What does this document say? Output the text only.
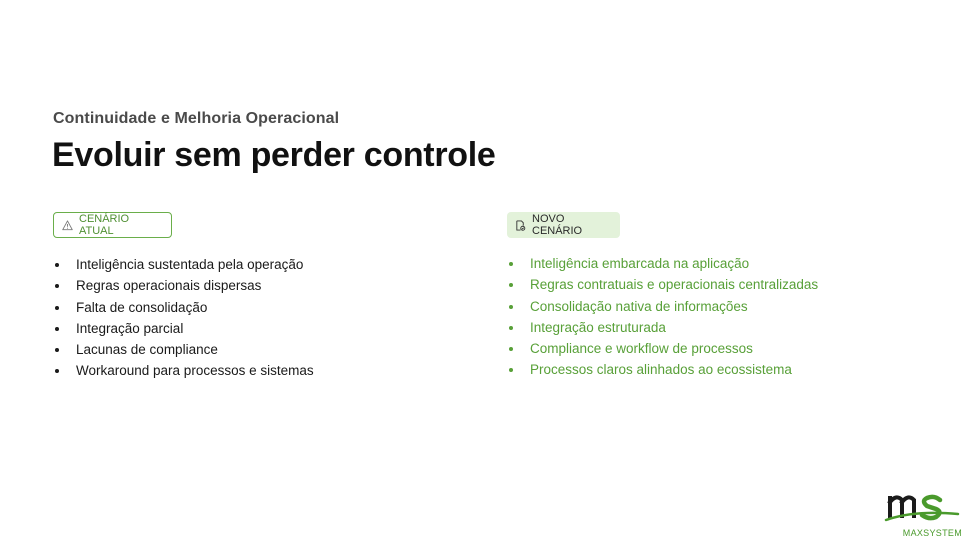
Continuidade e Melhoria Operacional
Evoluir sem perder controle
CENÁRIO ATUAL
NOVO CENÁRIO
Inteligência sustentada pela operação
Regras operacionais dispersas
Falta de consolidação
Integração parcial
Lacunas de compliance
Workaround para processos e sistemas
Inteligência embarcada na aplicação
Regras contratuais e operacionais centralizadas
Consolidação nativa de informações
Integração estruturada
Compliance e workflow de processos
Processos claros alinhados ao ecossistema
MAXSYSTEM
